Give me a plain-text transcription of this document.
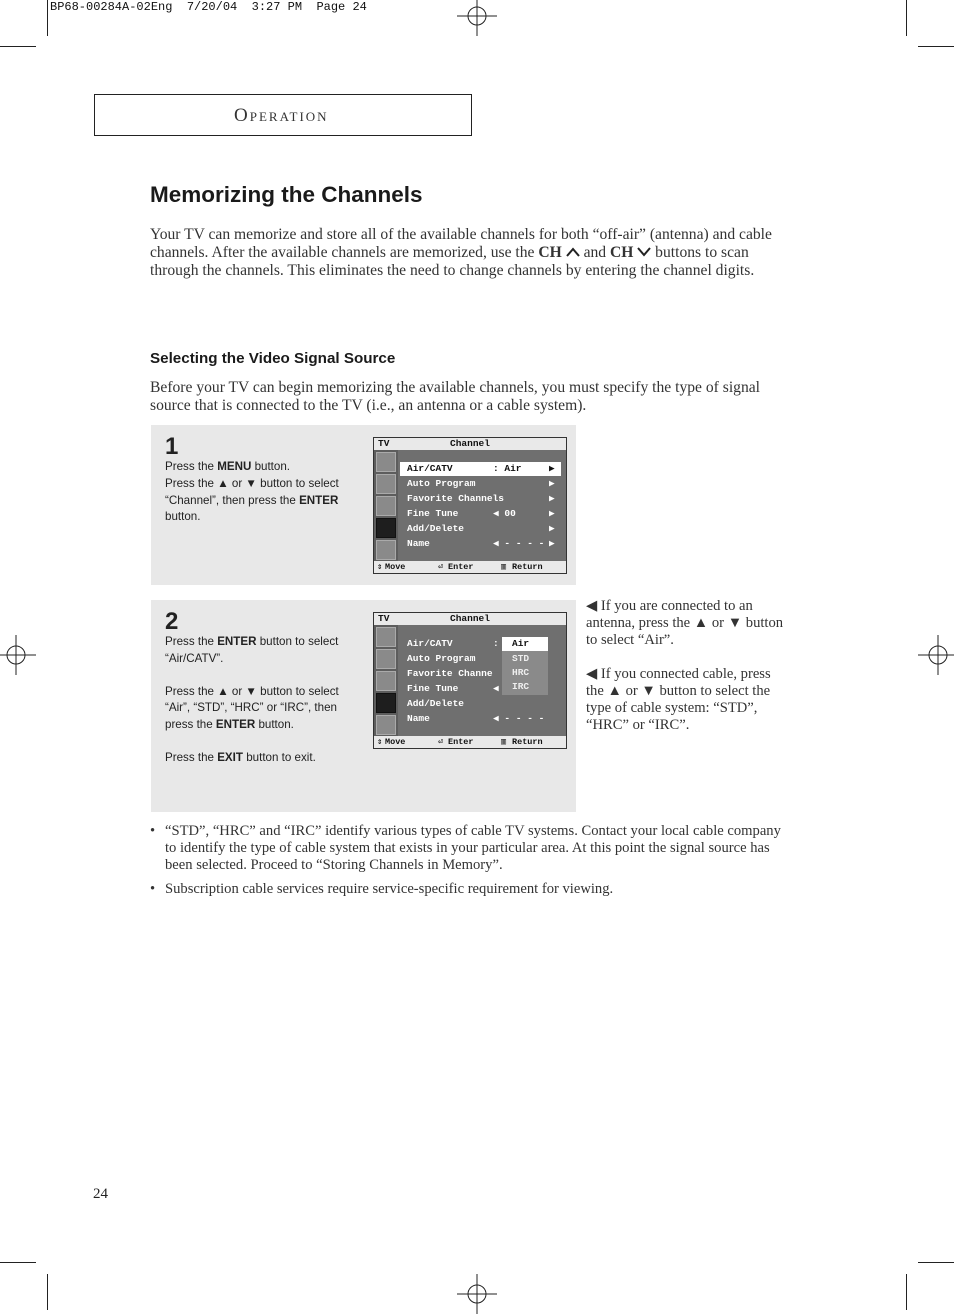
BP68-00284A-02Eng  7/20/04  3:27 PM  Page 24
OPERATION
Memorizing the Channels
Your TV can memorize and store all of the available channels for both “off-air” (antenna) and cable channels. After the available channels are memorized, use the CH  and CH  buttons to scan through the channels. This eliminates the need to change channels by entering the channel digits.
Selecting the Video Signal Source
Before your TV can begin memorizing the available channels, you must specify the type of signal source that is connected to the TV (i.e., an antenna or a cable system).
1
Press the MENU button.
Press the ▲ or ▼ button to select “Channel”, then press the ENTER button.
TV	Channel
Air/CATV	: Air	▶
Auto Program	▶
Favorite Channels	▶
Fine Tune	◀ 00	▶
Add/Delete	▶
Name	◀ - - - - ▶
⇕ Move	⏎ Enter	▥ Return
2
Press the ENTER button to select “Air/CATV”.
Press the ▲ or ▼ button to select “Air”, “STD”, “HRC” or “IRC”, then press the ENTER button.
Press the EXIT button to exit.
TV	Channel
Air/CATV	:
Auto Program
Favorite Channe
Fine Tune	◀
Add/Delete
Name	◀ - - - -
Air
STD
HRC
IRC
⇕ Move	⏎ Enter	▥ Return
◀ If you are connected to an antenna, press the ▲ or ▼ button to select “Air”.
◀ If you connected cable, press the ▲ or ▼ button to select the type of cable system: “STD”, “HRC” or “IRC”.
• “STD”, “HRC” and “IRC” identify various types of cable TV systems. Contact your local cable company to identify the type of cable system that exists in your particular area. At this point the signal source has been selected. Proceed to “Storing Channels in Memory”.
• Subscription cable services require service-specific requirement for viewing.
24
